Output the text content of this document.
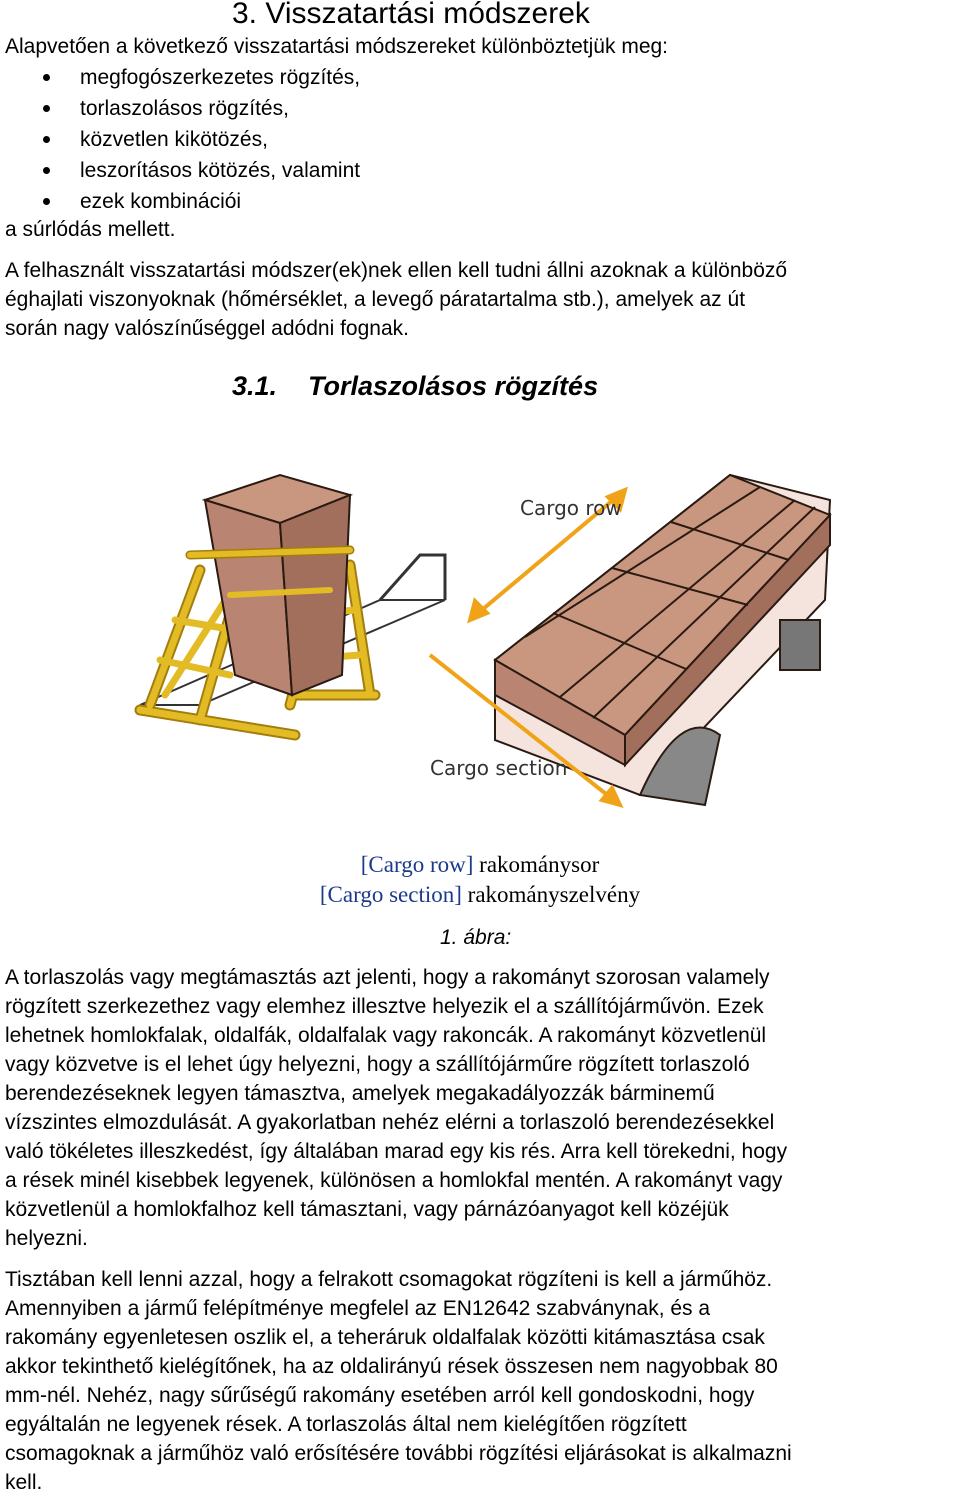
3. Visszatartási módszerek
Alapvetően a következő visszatartási módszereket különböztetjük meg:
megfogószerkezetes rögzítés,
torlaszolásos rögzítés,
közvetlen kikötözés,
leszorításos kötözés, valamint
ezek kombinációi
a súrlódás mellett.
A felhasznált visszatartási módszer(ek)nek ellen kell tudni állni azoknak a különböző
éghajlati viszonyoknak (hőmérséklet, a levegő páratartalma stb.), amelyek az út
során nagy valószínűséggel adódni fognak.
3.1. Torlaszolásos rögzítés
Cargo row
Cargo section
[Cargo row] rakománysor
[Cargo section] rakományszelvény
1. ábra:
A torlaszolás vagy megtámasztás azt jelenti, hogy a rakományt szorosan valamely
rögzített szerkezethez vagy elemhez illesztve helyezik el a szállítójárművön. Ezek
lehetnek homlokfalak, oldalfák, oldalfalak vagy rakoncák. A rakományt közvetlenül
vagy közvetve is el lehet úgy helyezni, hogy a szállítójárműre rögzített torlaszoló
berendezéseknek legyen támasztva, amelyek megakadályozzák bárminemű
vízszintes elmozdulását. A gyakorlatban nehéz elérni a torlaszoló berendezésekkel
való tökéletes illeszkedést, így általában marad egy kis rés. Arra kell törekedni, hogy
a rések minél kisebbek legyenek, különösen a homlokfal mentén. A rakományt vagy
közvetlenül a homlokfalhoz kell támasztani, vagy párnázóanyagot kell közéjük
helyezni.
Tisztában kell lenni azzal, hogy a felrakott csomagokat rögzíteni is kell a járműhöz.
Amennyiben a jármű felépítménye megfelel az EN12642 szabványnak, és a
rakomány egyenletesen oszlik el, a teheráruk oldalfalak közötti kitámasztása csak
akkor tekinthető kielégítőnek, ha az oldalirányú rések összesen nem nagyobbak 80
mm-nél. Nehéz, nagy sűrűségű rakomány esetében arról kell gondoskodni, hogy
egyáltalán ne legyenek rések. A torlaszolás által nem kielégítően rögzített
csomagoknak a járműhöz való erősítésére további rögzítési eljárásokat is alkalmazni
kell.
